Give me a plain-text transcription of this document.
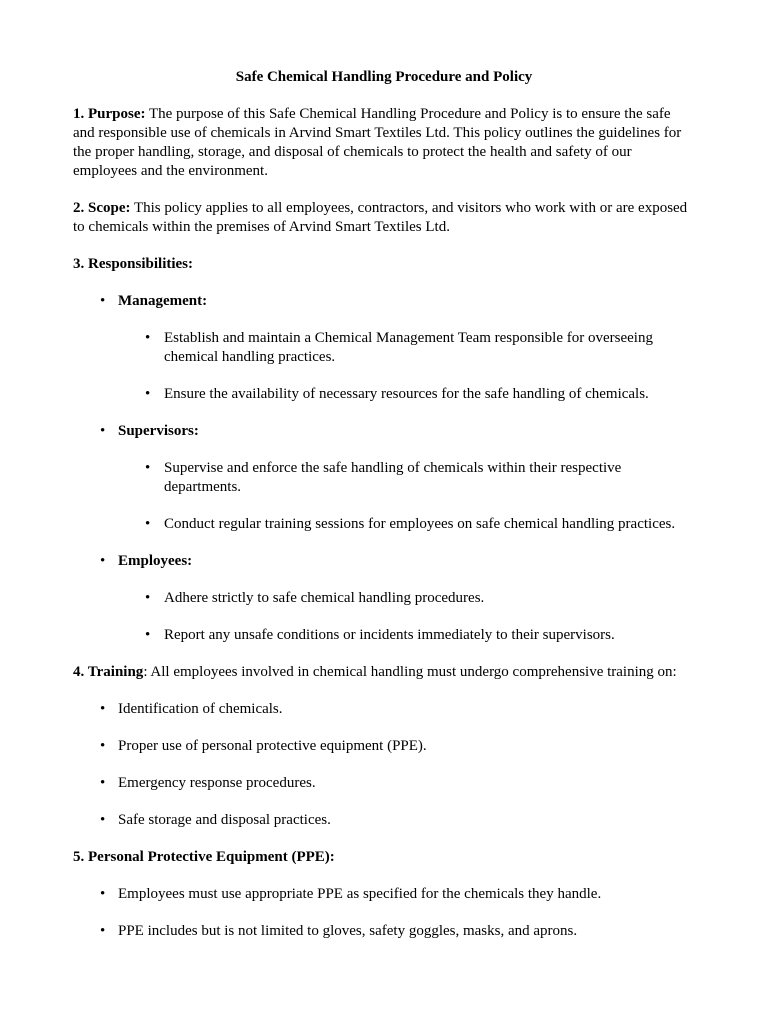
Safe Chemical Handling Procedure and Policy

1. Purpose: The purpose of this Safe Chemical Handling Procedure and Policy is to ensure the safe and responsible use of chemicals in Arvind Smart Textiles Ltd. This policy outlines the guidelines for the proper handling, storage, and disposal of chemicals to protect the health and safety of our employees and the environment.

2. Scope: This policy applies to all employees, contractors, and visitors who work with or are exposed to chemicals within the premises of Arvind Smart Textiles Ltd.

3. Responsibilities:
• Management:
• Establish and maintain a Chemical Management Team responsible for overseeing chemical handling practices.
• Ensure the availability of necessary resources for the safe handling of chemicals.
• Supervisors:
• Supervise and enforce the safe handling of chemicals within their respective departments.
• Conduct regular training sessions for employees on safe chemical handling practices.
• Employees:
• Adhere strictly to safe chemical handling procedures.
• Report any unsafe conditions or incidents immediately to their supervisors.

4. Training: All employees involved in chemical handling must undergo comprehensive training on:

• Identification of chemicals.
• Proper use of personal protective equipment (PPE).
• Emergency response procedures.
• Safe storage and disposal practices.
5. Personal Protective Equipment (PPE):
• Employees must use appropriate PPE as specified for the chemicals they handle.
• PPE includes but is not limited to gloves, safety goggles, masks, and aprons.
